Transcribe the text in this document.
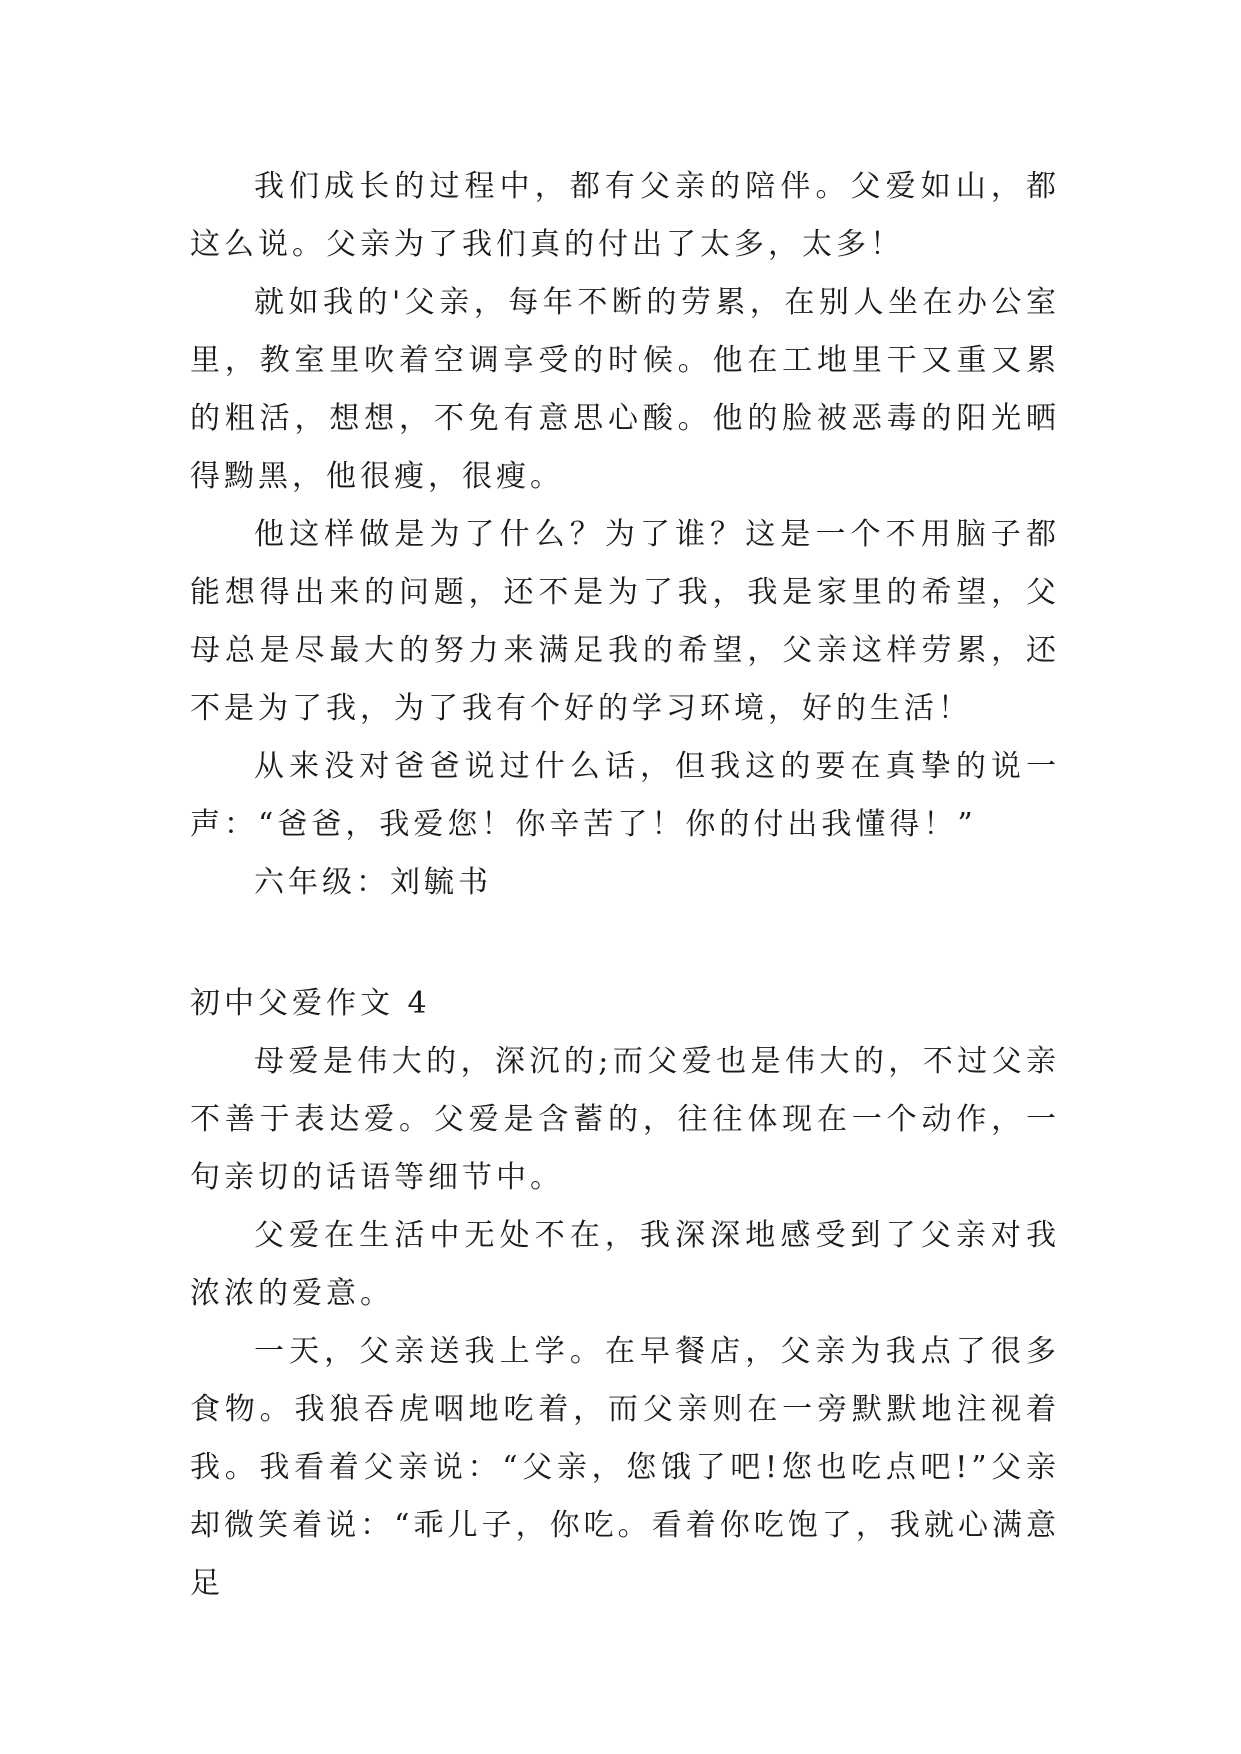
我们成长的过程中，都有父亲的陪伴。父爱如山，都这么说。父亲为了我们真的付出了太多，太多！

就如我的'父亲，每年不断的劳累，在别人坐在办公室里，教室里吹着空调享受的时候。他在工地里干又重又累的粗活，想想，不免有意思心酸。他的脸被恶毒的阳光晒得黝黑，他很瘦，很瘦。

他这样做是为了什么？为了谁？这是一个不用脑子都能想得出来的问题，还不是为了我，我是家里的希望，父母总是尽最大的努力来满足我的希望，父亲这样劳累，还不是为了我，为了我有个好的学习环境，好的生活！

从来没对爸爸说过什么话，但我这的要在真挚的说一声：“爸爸，我爱您！你辛苦了！你的付出我懂得！”

六年级：刘毓书

初中父爱作文 4

母爱是伟大的，深沉的;而父爱也是伟大的，不过父亲不善于表达爱。父爱是含蓄的，往往体现在一个动作，一句亲切的话语等细节中。

父爱在生活中无处不在，我深深地感受到了父亲对我浓浓的爱意。

一天，父亲送我上学。在早餐店，父亲为我点了很多食物。我狼吞虎咽地吃着，而父亲则在一旁默默地注视着我。我看着父亲说：“父亲，您饿了吧!您也吃点吧!”父亲却微笑着说：“乖儿子，你吃。看着你吃饱了，我就心满意足
